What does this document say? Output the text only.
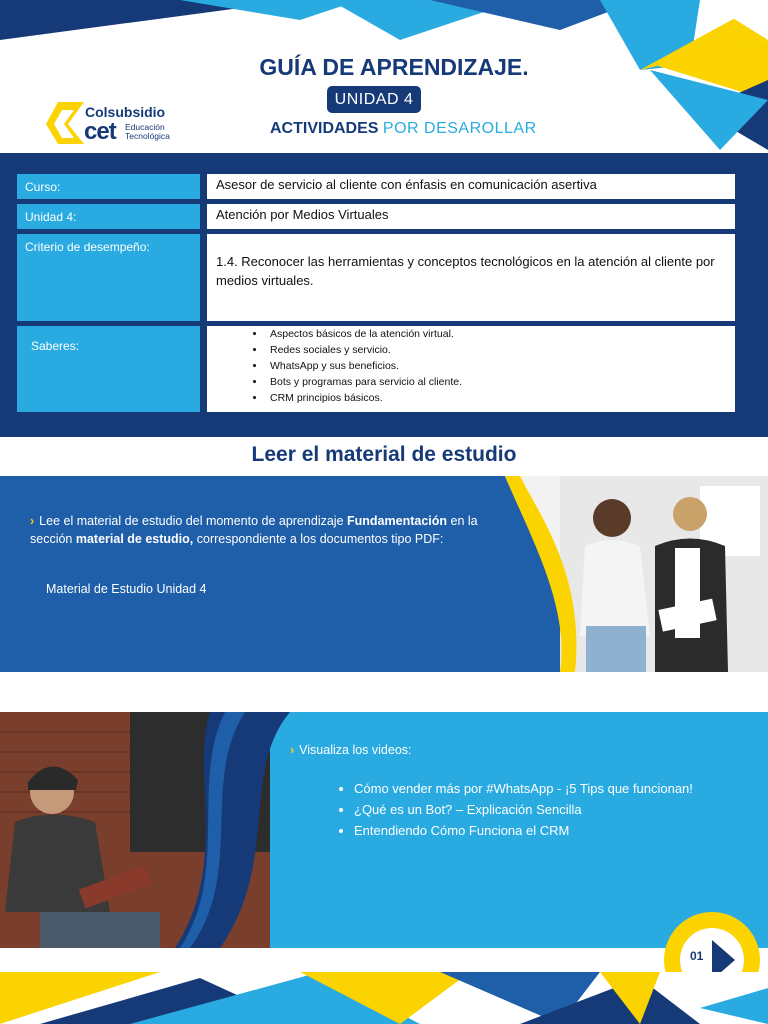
GUÍA DE APRENDIZAJE.
UNIDAD 4
ACTIVIDADES POR DESAROLLAR
Colsubsidio
cet Educación
Tecnológica
Curso:	Asesor de servicio al cliente con énfasis en comunicación asertiva
Unidad 4:	Atención por Medios Virtuales
Criterio de desempeño:
1.4. Reconocer las herramientas y conceptos tecnológicos en la atención al cliente por medios virtuales.
Saberes:
• Aspectos básicos de la atención virtual.
• Redes sociales y servicio.
• WhatsApp y sus beneficios.
• Bots y programas para servicio al cliente.
• CRM principios básicos.
Leer el material de estudio
› Lee el material de estudio del momento de aprendizaje Fundamentación en la sección material de estudio, correspondiente a los documentos tipo PDF:
Material de Estudio Unidad 4
› Visualiza los videos:
• Cómo vender más por #WhatsApp - ¡5 Tips que funcionan!
• ¿Qué es un Bot? – Explicación Sencilla
• Entendiendo Cómo Funciona el CRM
01
